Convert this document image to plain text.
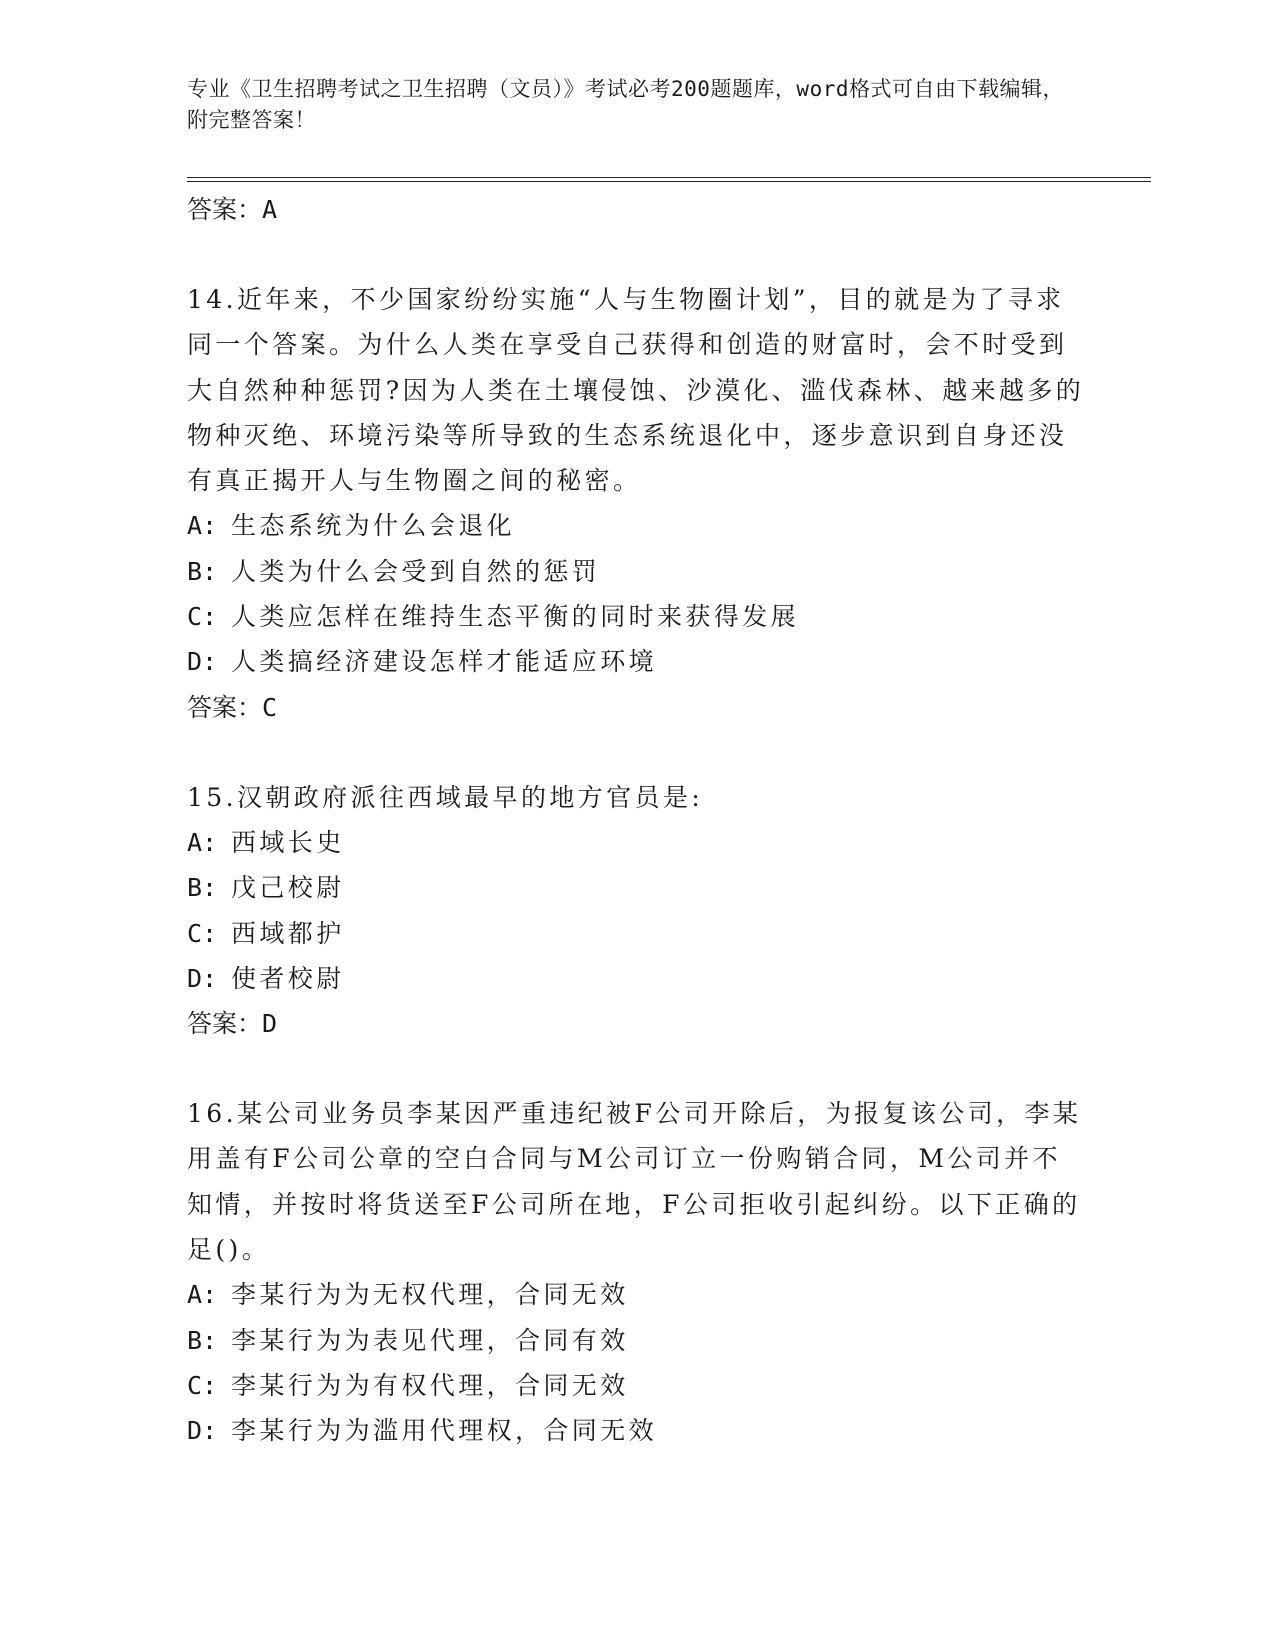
专业《卫生招聘考试之卫生招聘（文员）》考试必考200题题库，word格式可自由下载编辑，附完整答案！
答案：A
14.近年来，不少国家纷纷实施“人与生物圈计划”，目的就是为了寻求同一个答案。为什么人类在享受自己获得和创造的财富时，会不时受到大自然种种惩罚?因为人类在土壤侵蚀、沙漠化、滥伐森林、越来越多的物种灭绝、环境污染等所导致的生态系统退化中，逐步意识到自身还没有真正揭开人与生物圈之间的秘密。
A: 生态系统为什么会退化
B: 人类为什么会受到自然的惩罚
C: 人类应怎样在维持生态平衡的同时来获得发展
D: 人类搞经济建设怎样才能适应环境
答案：C
15.汉朝政府派往西域最早的地方官员是:
A: 西域长史
B: 戊己校尉
C: 西域都护
D: 使者校尉
答案：D
16.某公司业务员李某因严重违纪被F公司开除后，为报复该公司，李某用盖有F公司公章的空白合同与M公司订立一份购销合同，M公司并不知情，并按时将货送至F公司所在地，F公司拒收引起纠纷。以下正确的足()。
A: 李某行为为无权代理，合同无效
B: 李某行为为表见代理，合同有效
C: 李某行为为有权代理，合同无效
D: 李某行为为滥用代理权，合同无效
